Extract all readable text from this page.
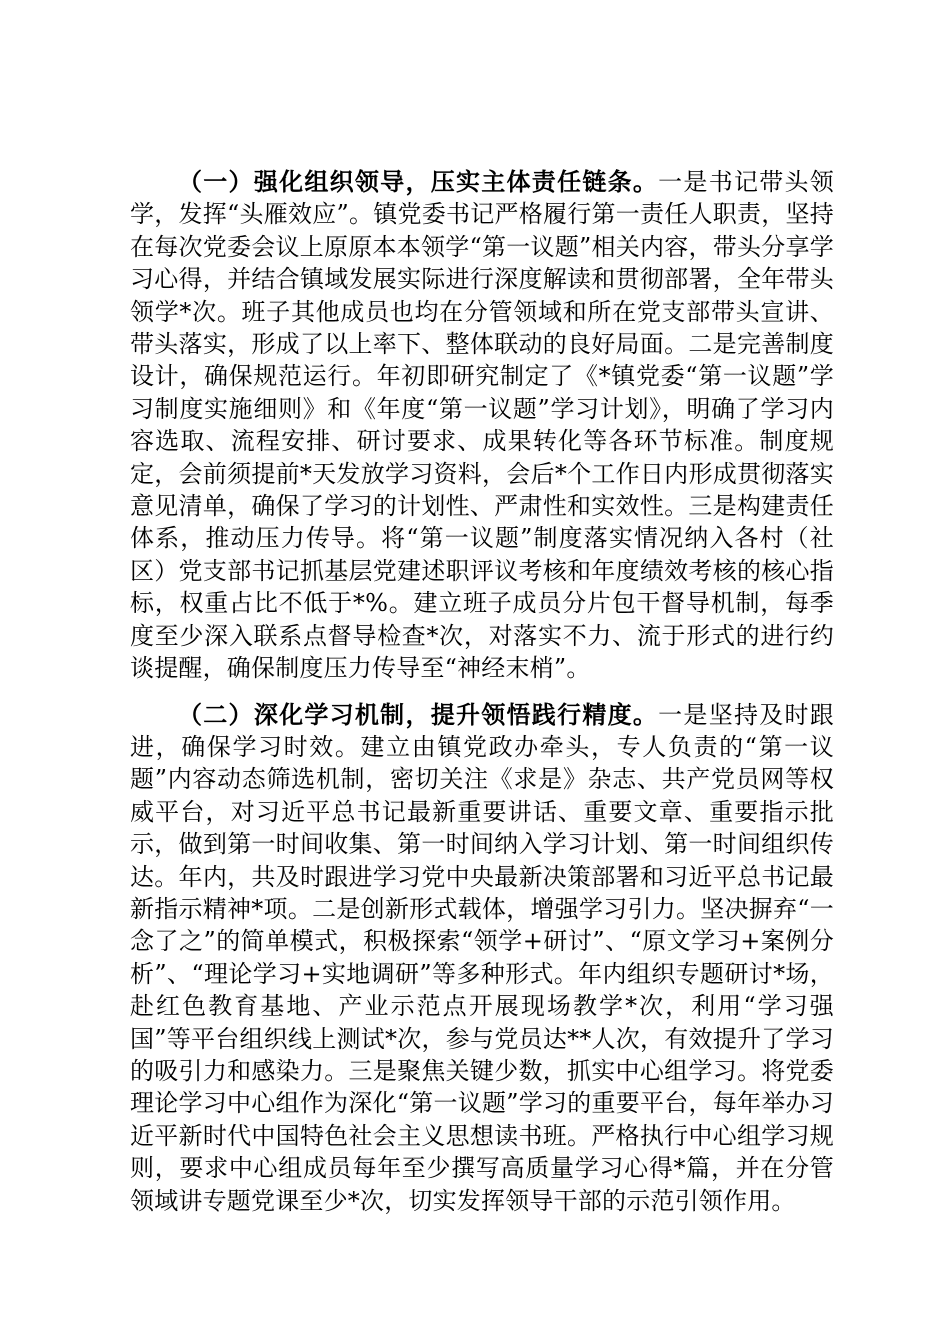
（一）强化组织领导，压实主体责任链条。一是书记带头领学，发挥“头雁效应”。镇党委书记严格履行第一责任人职责，坚持在每次党委会议上原原本本领学“第一议题”相关内容，带头分享学习心得，并结合镇域发展实际进行深度解读和贯彻部署，全年带头领学*次。班子其他成员也均在分管领域和所在党支部带头宣讲、带头落实，形成了以上率下、整体联动的良好局面。二是完善制度设计，确保规范运行。年初即研究制定了《*镇党委“第一议题”学习制度实施细则》和《年度“第一议题”学习计划》，明确了学习内容选取、流程安排、研讨要求、成果转化等各环节标准。制度规定，会前须提前*天发放学习资料，会后*个工作日内形成贯彻落实意见清单，确保了学习的计划性、严肃性和实效性。三是构建责任体系，推动压力传导。将“第一议题”制度落实情况纳入各村（社区）党支部书记抓基层党建述职评议考核和年度绩效考核的核心指标，权重占比不低于*%。建立班子成员分片包干督导机制，每季度至少深入联系点督导检查*次，对落实不力、流于形式的进行约谈提醒，确保制度压力传导至“神经末梢”。

（二）深化学习机制，提升领悟践行精度。一是坚持及时跟进，确保学习时效。建立由镇党政办牵头，专人负责的“第一议题”内容动态筛选机制，密切关注《求是》杂志、共产党员网等权威平台，对习近平总书记最新重要讲话、重要文章、重要指示批示，做到第一时间收集、第一时间纳入学习计划、第一时间组织传达。年内，共及时跟进学习党中央最新决策部署和习近平总书记最新指示精神*项。二是创新形式载体，增强学习引力。坚决摒弃“一念了之”的简单模式，积极探索“领学+研讨”、“原文学习+案例分析”、“理论学习+实地调研”等多种形式。年内组织专题研讨*场，赴红色教育基地、产业示范点开展现场教学*次，利用“学习强国”等平台组织线上测试*次，参与党员达**人次，有效提升了学习的吸引力和感染力。三是聚焦关键少数，抓实中心组学习。将党委理论学习中心组作为深化“第一议题”学习的重要平台，每年举办习近平新时代中国特色社会主义思想读书班。严格执行中心组学习规则，要求中心组成员每年至少撰写高质量学习心得*篇，并在分管领域讲专题党课至少*次，切实发挥领导干部的示范引领作用。
